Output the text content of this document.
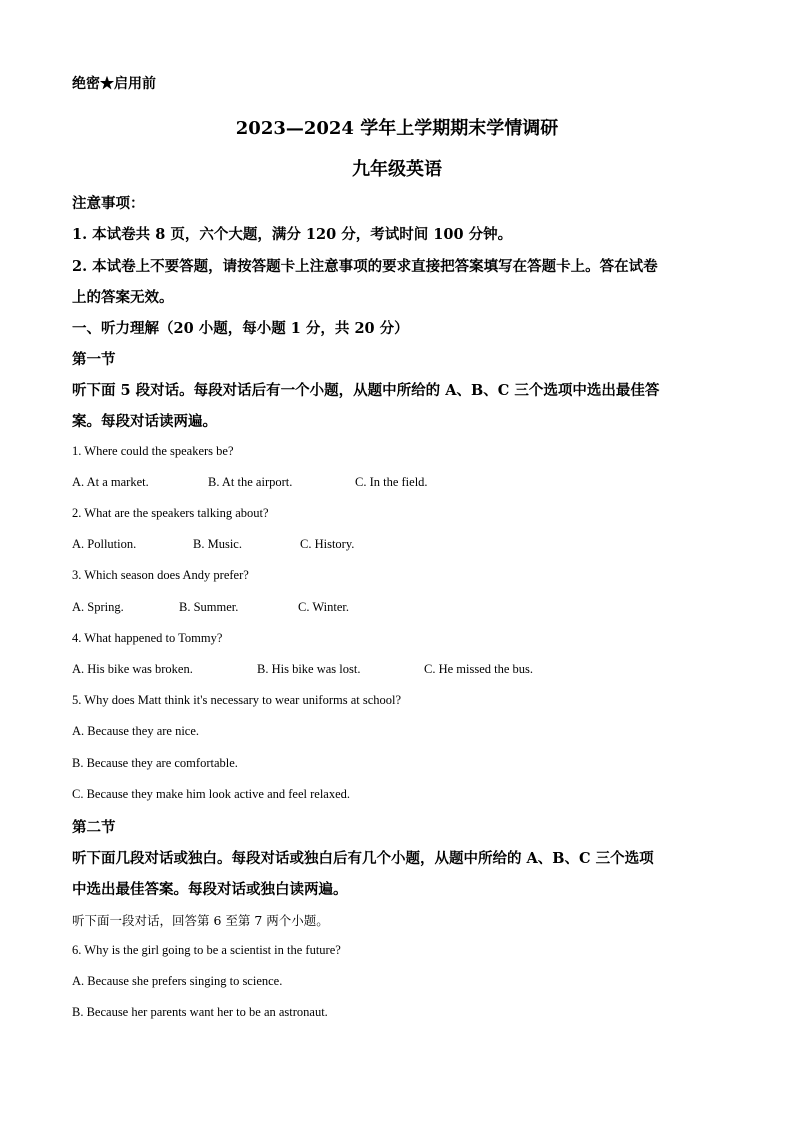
绝密★启用前
2023—2024 学年上学期期末学情调研
九年级英语
注意事项：
1. 本试卷共 8 页，六个大题，满分 120 分，考试时间 100 分钟。
2. 本试卷上不要答题，请按答题卡上注意事项的要求直接把答案填写在答题卡上。答在试卷
上的答案无效。
一、听力理解（20 小题，每小题 1 分，共 20 分）
第一节
听下面 5 段对话。每段对话后有一个小题，从题中所给的 A、B、C 三个选项中选出最佳答
案。每段对话读两遍。
1. Where could the speakers be?
A. At a market.	B. At the airport.	C. In the field.
2. What are the speakers talking about?
A. Pollution.	B. Music.	C. History.
3. Which season does Andy prefer?
A. Spring.	B. Summer.	C. Winter.
4. What happened to Tommy?
A. His bike was broken.	B. His bike was lost.	C. He missed the bus.
5. Why does Matt think it's necessary to wear uniforms at school?
A. Because they are nice.
B. Because they are comfortable.
C. Because they make him look active and feel relaxed.
第二节
听下面几段对话或独白。每段对话或独白后有几个小题，从题中所给的 A、B、C 三个选项
中选出最佳答案。每段对话或独白读两遍。
听下面一段对话，回答第 6 至第 7 两个小题。
6. Why is the girl going to be a scientist in the future?
A. Because she prefers singing to science.
B. Because her parents want her to be an astronaut.
